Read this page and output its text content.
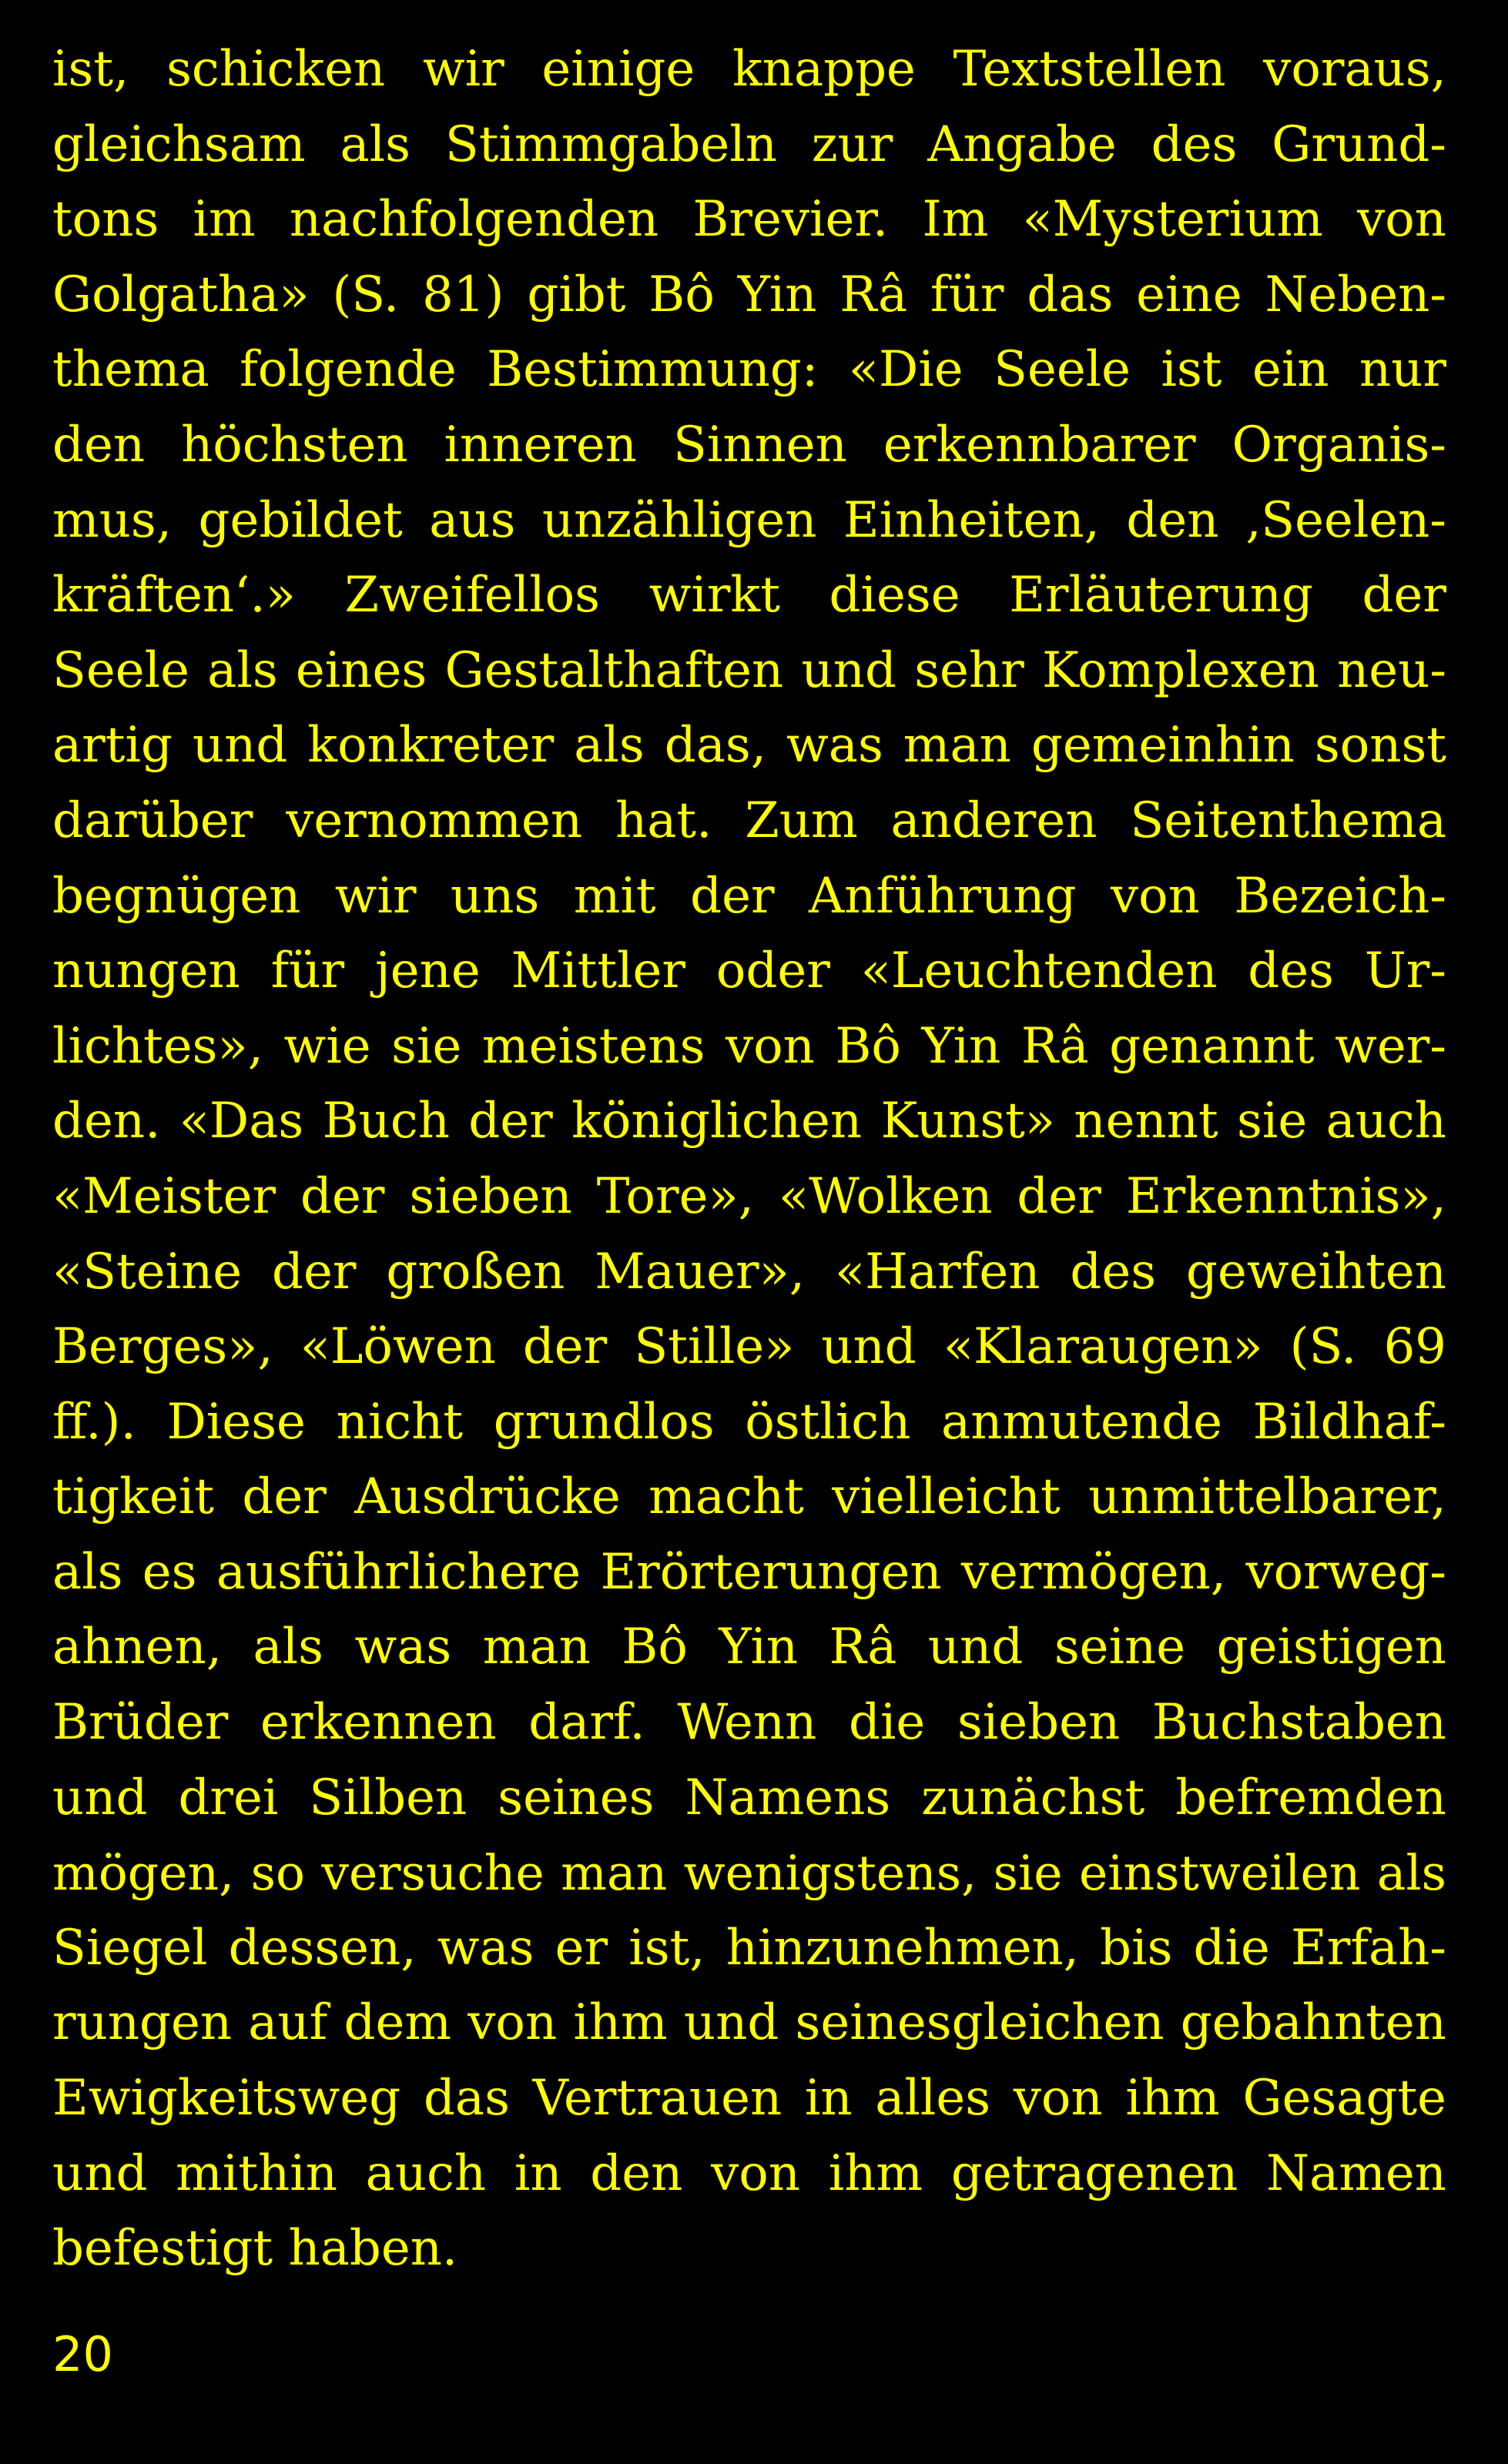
ist, schicken wir einige knappe Textstellen voraus,
gleichsam als Stimmgabeln zur Angabe des Grund-
tons im nachfolgenden Brevier. Im «Mysterium von
Golgatha» (S. 81) gibt Bô Yin Râ für das eine Neben-
thema folgende Bestimmung: «Die Seele ist ein nur
den höchsten inneren Sinnen erkennbarer Organis-
mus, gebildet aus unzähligen Einheiten, den ‚Seelen-
kräften‘.» Zweifellos wirkt diese Erläuterung der
Seele als eines Gestalthaften und sehr Komplexen neu-
artig und konkreter als das, was man gemeinhin sonst
darüber vernommen hat. Zum anderen Seitenthema
begnügen wir uns mit der Anführung von Bezeich-
nungen für jene Mittler oder «Leuchtenden des Ur-
lichtes», wie sie meistens von Bô Yin Râ genannt wer-
den. «Das Buch der königlichen Kunst» nennt sie auch
«Meister der sieben Tore», «Wolken der Erkenntnis»,
«Steine der großen Mauer», «Harfen des geweihten
Berges», «Löwen der Stille» und «Klaraugen» (S. 69
ff.). Diese nicht grundlos östlich anmutende Bildhaf-
tigkeit der Ausdrücke macht vielleicht unmittelbarer,
als es ausführlichere Erörterungen vermögen, vorweg-
ahnen, als was man Bô Yin Râ und seine geistigen
Brüder erkennen darf. Wenn die sieben Buchstaben
und drei Silben seines Namens zunächst befremden
mögen, so versuche man wenigstens, sie einstweilen als
Siegel dessen, was er ist, hinzunehmen, bis die Erfah-
rungen auf dem von ihm und seinesgleichen gebahnten
Ewigkeitsweg das Vertrauen in alles von ihm Gesagte
und mithin auch in den von ihm getragenen Namen
befestigt haben.
20
